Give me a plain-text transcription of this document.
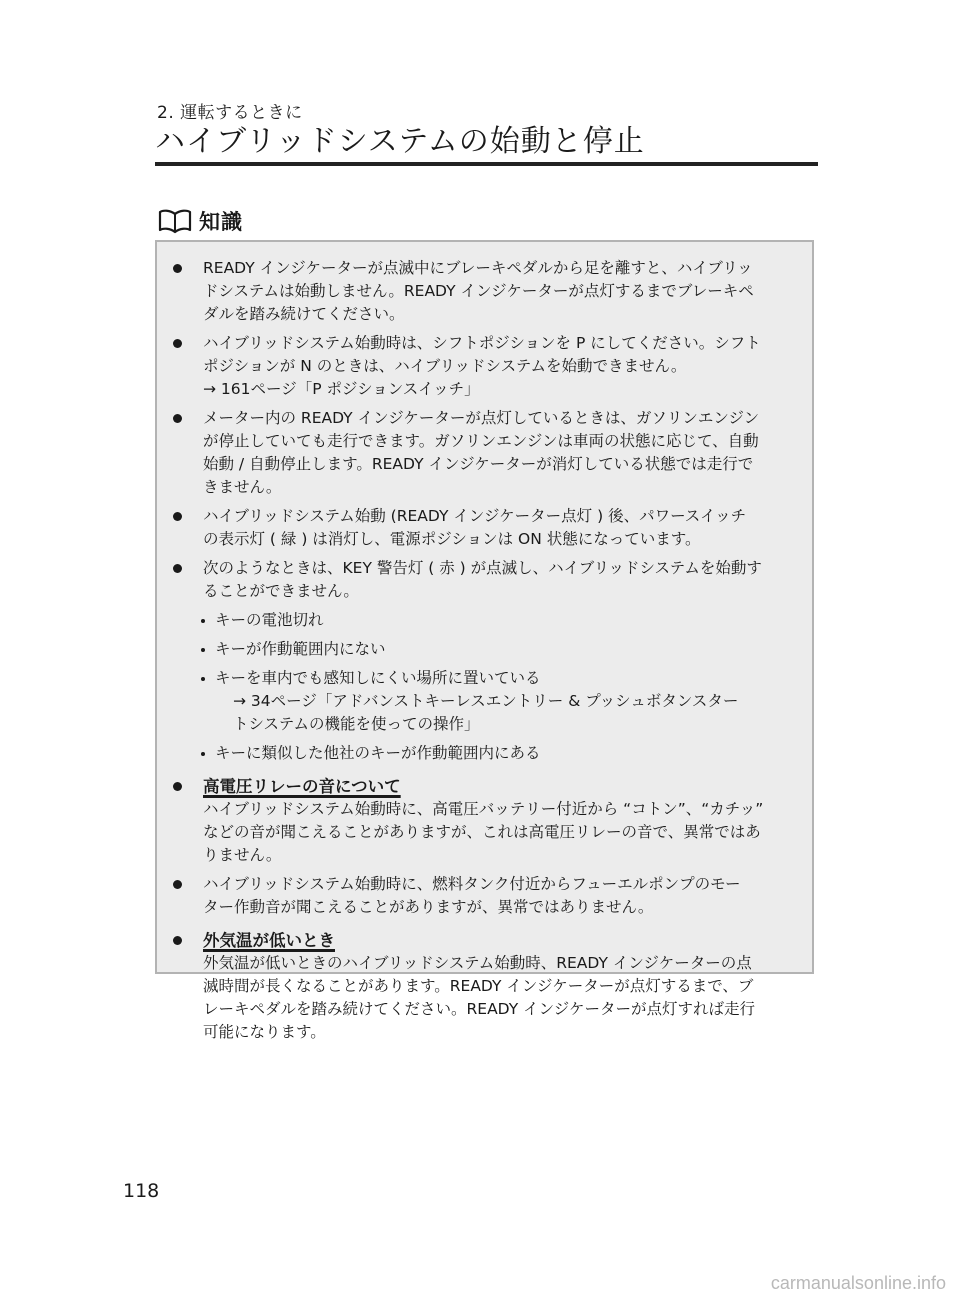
2. 運転するときに
ハイブリッドシステムの始動と停止
知識
READY インジケーターが点滅中にブレーキペダルから足を離すと、ハイブリッ
ドシステムは始動しません。READY インジケーターが点灯するまでブレーキペ
ダルを踏み続けてください。
ハイブリッドシステム始動時は、シフトポジションを P にしてください。シフト
ポジションが N のときは、ハイブリッドシステムを始動できません。
→ 161ページ「P ポジションスイッチ」
メーター内の READY インジケーターが点灯しているときは、ガソリンエンジン
が停止していても走行できます。ガソリンエンジンは車両の状態に応じて、自動
始動 / 自動停止します。READY インジケーターが消灯している状態では走行で
きません。
ハイブリッドシステム始動 (READY インジケーター点灯 ) 後、パワースイッチ
の表示灯 ( 緑 ) は消灯し、電源ポジションは ON 状態になっています。
次のようなときは、KEY 警告灯 ( 赤 ) が点滅し、ハイブリッドシステムを始動す
ることができません。
キーの電池切れ
キーが作動範囲内にない
キーを車内でも感知しにくい場所に置いている
→ 34ページ「アドバンストキーレスエントリー & プッシュボタンスター
トシステムの機能を使っての操作」
キーに類似した他社のキーが作動範囲内にある
高電圧リレーの音について
ハイブリッドシステム始動時に、高電圧バッテリー付近から “コトン”、“カチッ”
などの音が聞こえることがありますが、これは高電圧リレーの音で、異常ではあ
りません。
ハイブリッドシステム始動時に、燃料タンク付近からフューエルポンプのモー
ター作動音が聞こえることがありますが、異常ではありません。
外気温が低いとき
外気温が低いときのハイブリッドシステム始動時、READY インジケーターの点
滅時間が長くなることがあります。READY インジケーターが点灯するまで、ブ
レーキペダルを踏み続けてください。READY インジケーターが点灯すれば走行
可能になります。
118
carmanualsonline.info
